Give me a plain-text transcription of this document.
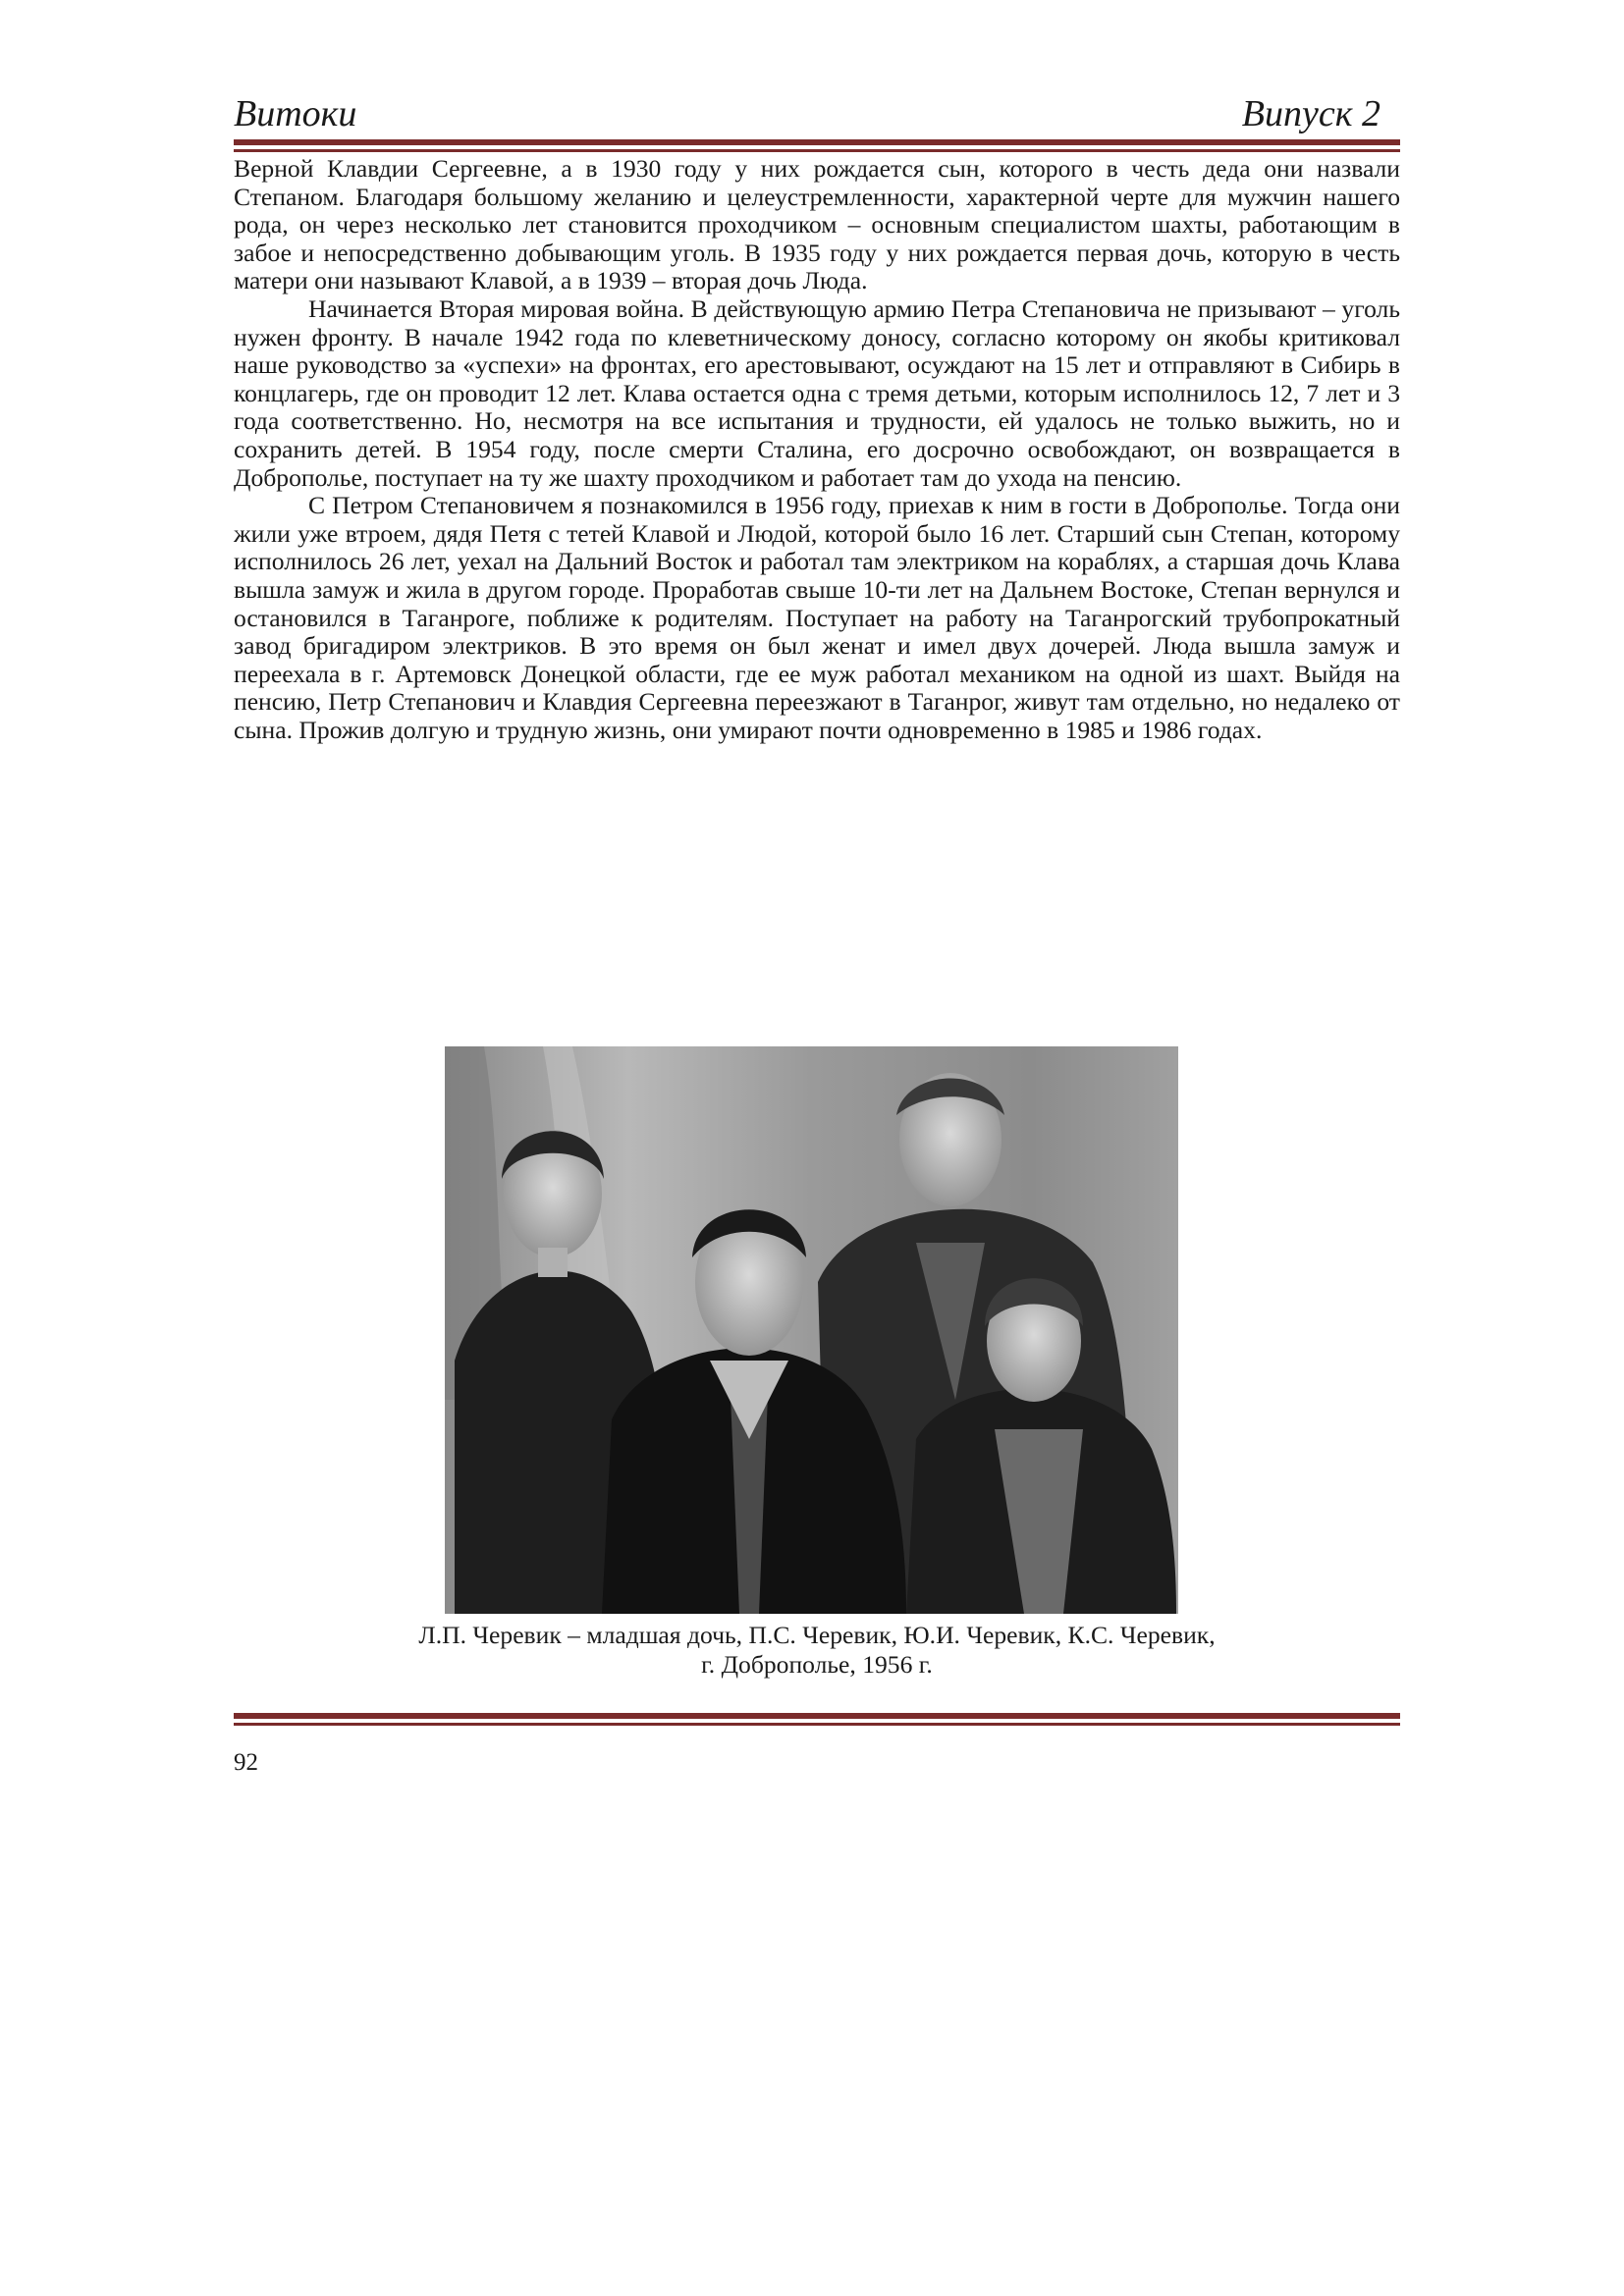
Витоки	Випуск 2

Верной Клавдии Сергеевне, а в 1930 году у них рождается сын, которого в честь деда они назвали Степаном. Благодаря большому желанию и целеустремленности, характерной черте для мужчин нашего рода, он через несколько лет становится проходчиком – основным специалистом шахты, работающим в забое и непосредственно добывающим уголь. В 1935 году у них рождается первая дочь, которую в честь матери они называют Клавой, а в 1939 – вторая дочь Люда.

Начинается Вторая мировая война. В действующую армию Петра Степановича не призывают – уголь нужен фронту. В начале 1942 года по клеветническому доносу, согласно которому он якобы критиковал наше руководство за «успехи» на фронтах, его арестовывают, осуждают на 15 лет и отправляют в Сибирь в концлагерь, где он проводит 12 лет. Клава остается одна с тремя детьми, которым исполнилось 12, 7 лет и 3 года соответственно. Но, несмотря на все испытания и трудности, ей удалось не только выжить, но и сохранить детей. В 1954 году, после смерти Сталина, его досрочно освобождают, он возвращается в Доброполье, поступает на ту же шахту проходчиком и работает там до ухода на пенсию.

С Петром Степановичем я познакомился в 1956 году, приехав к ним в гости в Доброполье. Тогда они жили уже втроем, дядя Петя с тетей Клавой и Людой, которой было 16 лет. Старший сын Степан, которому исполнилось 26 лет, уехал на Дальний Восток и работал там электриком на кораблях, а старшая дочь Клава вышла замуж и жила в другом городе. Проработав свыше 10-ти лет на Дальнем Востоке, Степан вернулся и остановился в Таганроге, поближе к родителям. Поступает на работу на Таганрогский трубопрокатный завод бригадиром электриков. В это время он был женат и имел двух дочерей. Люда вышла замуж и переехала в г. Артемовск Донецкой области, где ее муж работал механиком на одной из шахт. Выйдя на пенсию, Петр Степанович и Клавдия Сергеевна переезжают в Таганрог, живут там отдельно, но недалеко от сына. Прожив долгую и трудную жизнь, они умирают почти одновременно в 1985 и 1986 годах.

Л.П. Черевик – младшая дочь, П.С. Черевик, Ю.И. Черевик, К.С. Черевик,
г. Доброполье, 1956 г.
92
